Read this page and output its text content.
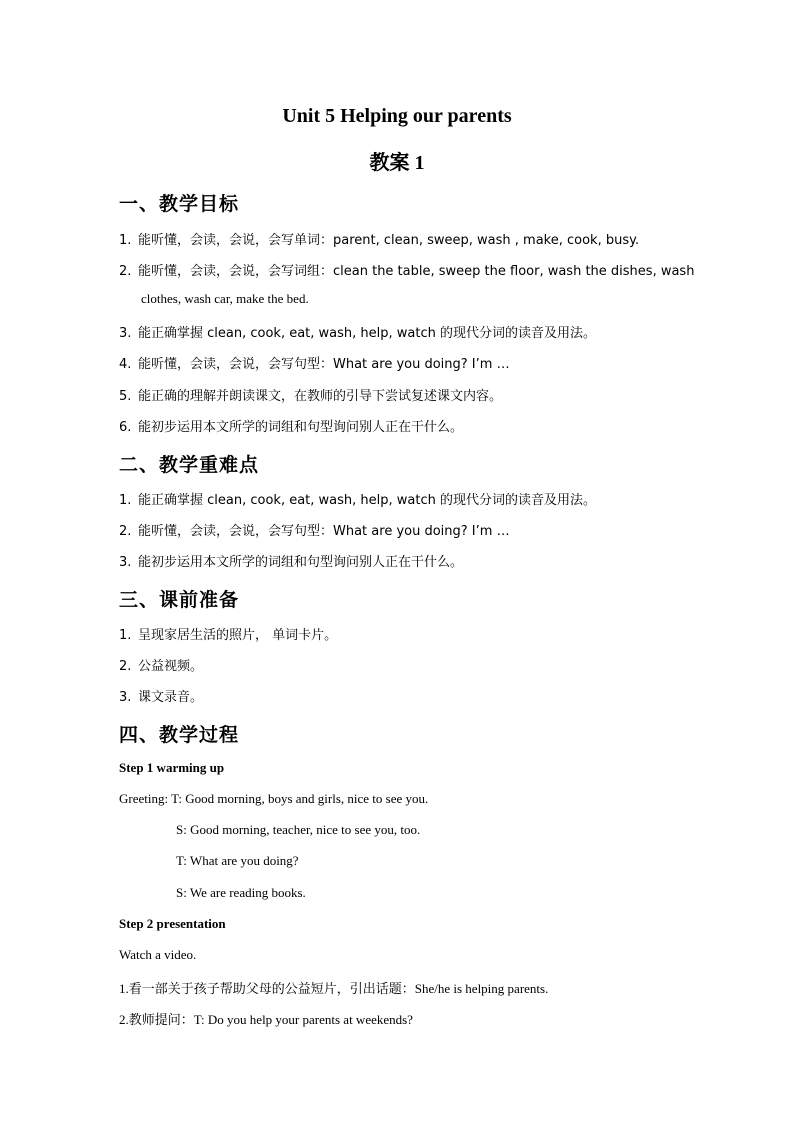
Unit 5 Helping our parents
教案 1
一、教学目标
1. 能听懂，会读，会说，会写单词：parent, clean, sweep, wash , make, cook, busy.
2. 能听懂，会读，会说，会写词组：clean the table, sweep the floor, wash the dishes, wash
clothes, wash car, make the bed.
3. 能正确掌握 clean, cook, eat, wash, help, watch 的现代分词的读音及用法。
4. 能听懂，会读，会说，会写句型：What are you doing? I’m …
5. 能正确的理解并朗读课文，在教师的引导下尝试复述课文内容。
6. 能初步运用本文所学的词组和句型询问别人正在干什么。
二、教学重难点
1. 能正确掌握 clean, cook, eat, wash, help, watch 的现代分词的读音及用法。
2. 能听懂，会读，会说，会写句型：What are you doing? I’m …
3. 能初步运用本文所学的词组和句型询问别人正在干什么。
三、课前准备
1. 呈现家居生活的照片， 单词卡片。
2. 公益视频。
3. 课文录音。
四、教学过程
Step 1 warming up
Greeting: T: Good morning, boys and girls, nice to see you.
S: Good morning, teacher, nice to see you, too.
T: What are you doing?
S: We are reading books.
Step 2 presentation
Watch a video.
1.看一部关于孩子帮助父母的公益短片，引出话题：She/he is helping parents.
2.教师提问：T: Do you help your parents at weekends?
